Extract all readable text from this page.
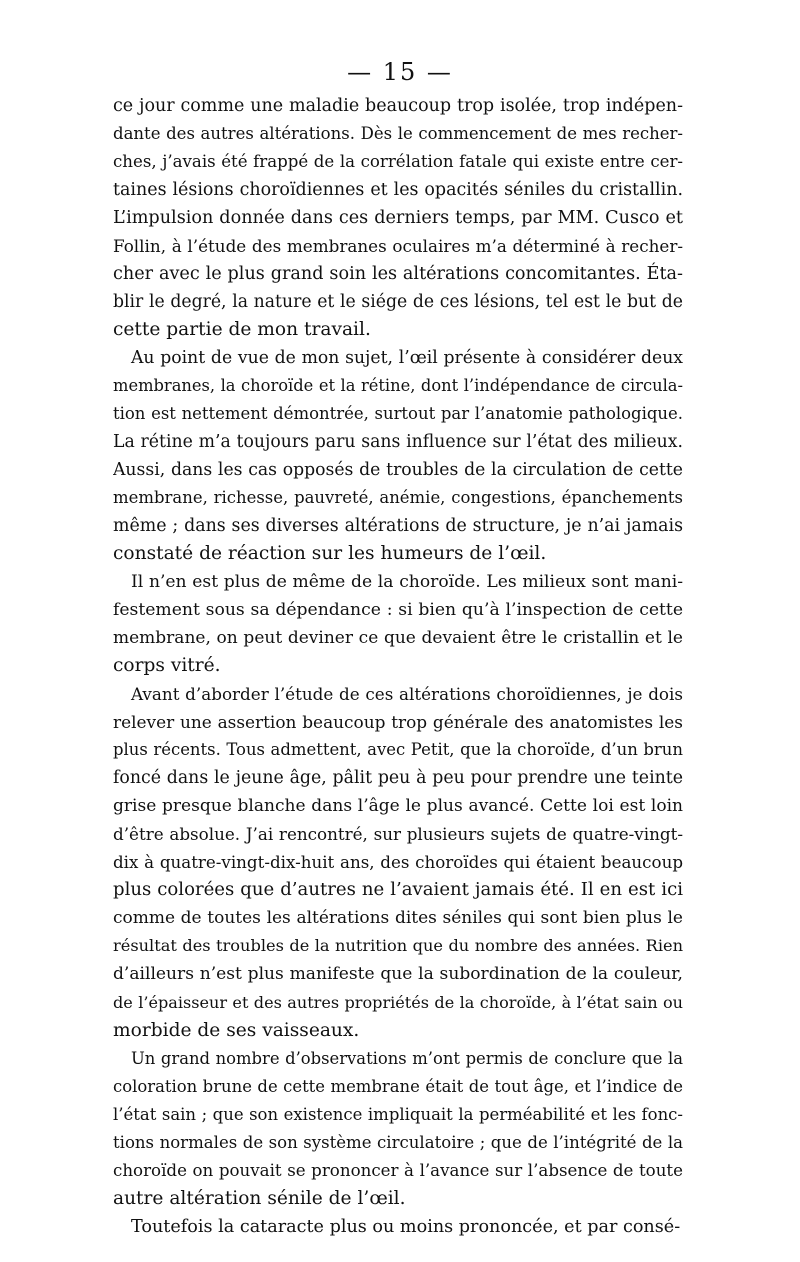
— 15 —
ce jour comme une maladie beaucoup trop isolée, trop indépen-
dante des autres altérations. Dès le commencement de mes recher-
ches, j’avais été frappé de la corrélation fatale qui existe entre cer-
taines lésions choroïdiennes et les opacités séniles du cristallin.
L’impulsion donnée dans ces derniers temps, par MM. Cusco et
Follin, à l’étude des membranes oculaires m’a déterminé à recher-
cher avec le plus grand soin les altérations concomitantes. Éta-
blir le degré, la nature et le siége de ces lésions, tel est le but de
cette partie de mon travail.
Au point de vue de mon sujet, l’œil présente à considérer deux
membranes, la choroïde et la rétine, dont l’indépendance de circula-
tion est nettement démontrée, surtout par l’anatomie pathologique.
La rétine m’a toujours paru sans influence sur l’état des milieux.
Aussi, dans les cas opposés de troubles de la circulation de cette
membrane, richesse, pauvreté, anémie, congestions, épanchements
même ; dans ses diverses altérations de structure, je n’ai jamais
constaté de réaction sur les humeurs de l’œil.
Il n’en est plus de même de la choroïde. Les milieux sont mani-
festement sous sa dépendance : si bien qu’à l’inspection de cette
membrane, on peut deviner ce que devaient être le cristallin et le
corps vitré.
Avant d’aborder l’étude de ces altérations choroïdiennes, je dois
relever une assertion beaucoup trop générale des anatomistes les
plus récents. Tous admettent, avec Petit, que la choroïde, d’un brun
foncé dans le jeune âge, pâlit peu à peu pour prendre une teinte
grise presque blanche dans l’âge le plus avancé. Cette loi est loin
d’être absolue. J’ai rencontré, sur plusieurs sujets de quatre-vingt-
dix à quatre-vingt-dix-huit ans, des choroïdes qui étaient beaucoup
plus colorées que d’autres ne l’avaient jamais été. Il en est ici
comme de toutes les altérations dites séniles qui sont bien plus le
résultat des troubles de la nutrition que du nombre des années. Rien
d’ailleurs n’est plus manifeste que la subordination de la couleur,
de l’épaisseur et des autres propriétés de la choroïde, à l’état sain ou
morbide de ses vaisseaux.
Un grand nombre d’observations m’ont permis de conclure que la
coloration brune de cette membrane était de tout âge, et l’indice de
l’état sain ; que son existence impliquait la perméabilité et les fonc-
tions normales de son système circulatoire ; que de l’intégrité de la
choroïde on pouvait se prononcer à l’avance sur l’absence de toute
autre altération sénile de l’œil.
Toutefois la cataracte plus ou moins prononcée, et par consé-
